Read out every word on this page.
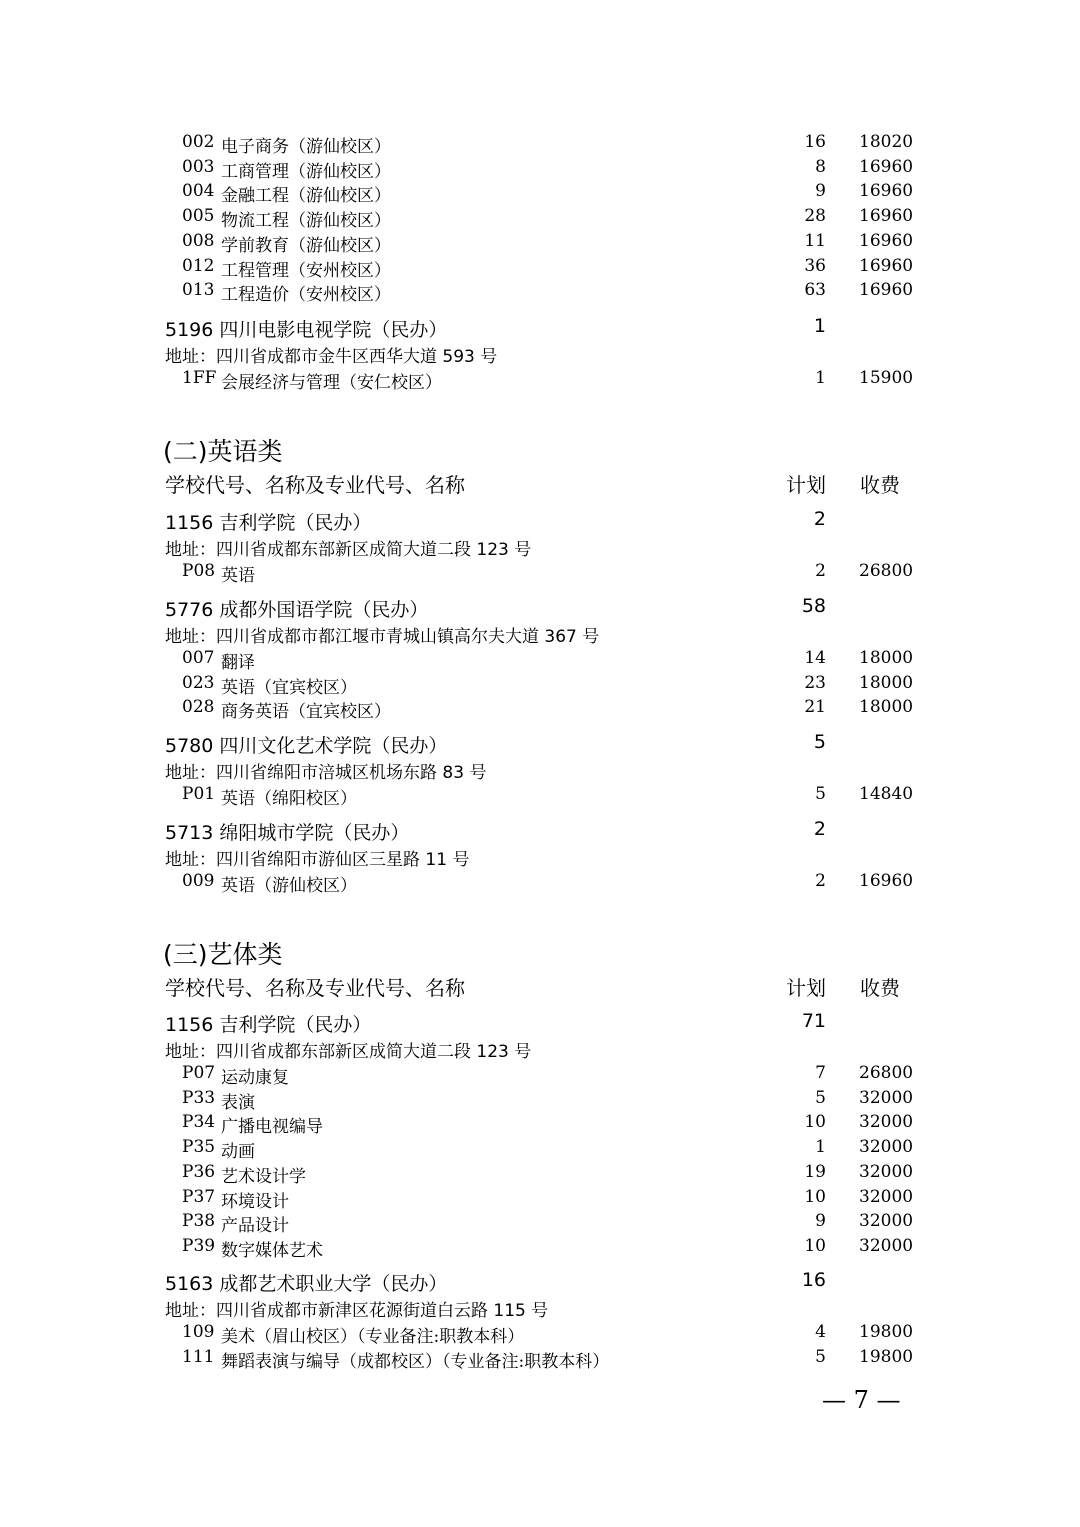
002 电子商务（游仙校区）	16 18020
003 工商管理（游仙校区）	8 16960
004 金融工程（游仙校区）	9 16960
005 物流工程（游仙校区）	28 16960
008 学前教育（游仙校区）	11 16960
012 工程管理（安州校区）	36 16960
013 工程造价（安州校区）	63 16960
5196 四川电影电视学院（民办）	1
地址：四川省成都市金牛区西华大道 593 号
1FF 会展经济与管理（安仁校区）	1 15900
(二)英语类
学校代号、名称及专业代号、名称	计划 收费
1156 吉利学院（民办）	2
地址：四川省成都东部新区成简大道二段 123 号
P08 英语	2 26800
5776 成都外国语学院（民办）	58
地址：四川省成都市都江堰市青城山镇高尔夫大道 367 号
007 翻译	14 18000
023 英语（宜宾校区）	23 18000
028 商务英语（宜宾校区）	21 18000
5780 四川文化艺术学院（民办）	5
地址：四川省绵阳市涪城区机场东路 83 号
P01 英语（绵阳校区）	5 14840
5713 绵阳城市学院（民办）	2
地址：四川省绵阳市游仙区三星路 11 号
009 英语（游仙校区）	2 16960
(三)艺体类
学校代号、名称及专业代号、名称	计划 收费
1156 吉利学院（民办）	71
地址：四川省成都东部新区成简大道二段 123 号
P07 运动康复	7 26800
P33 表演	5 32000
P34 广播电视编导	10 32000
P35 动画	1 32000
P36 艺术设计学	19 32000
P37 环境设计	10 32000
P38 产品设计	9 32000
P39 数字媒体艺术	10 32000
5163 成都艺术职业大学（民办）	16
地址：四川省成都市新津区花源街道白云路 115 号
109 美术（眉山校区）（专业备注:职教本科）	4 19800
111 舞蹈表演与编导（成都校区）（专业备注:职教本科）	5 19800
— 7 —
